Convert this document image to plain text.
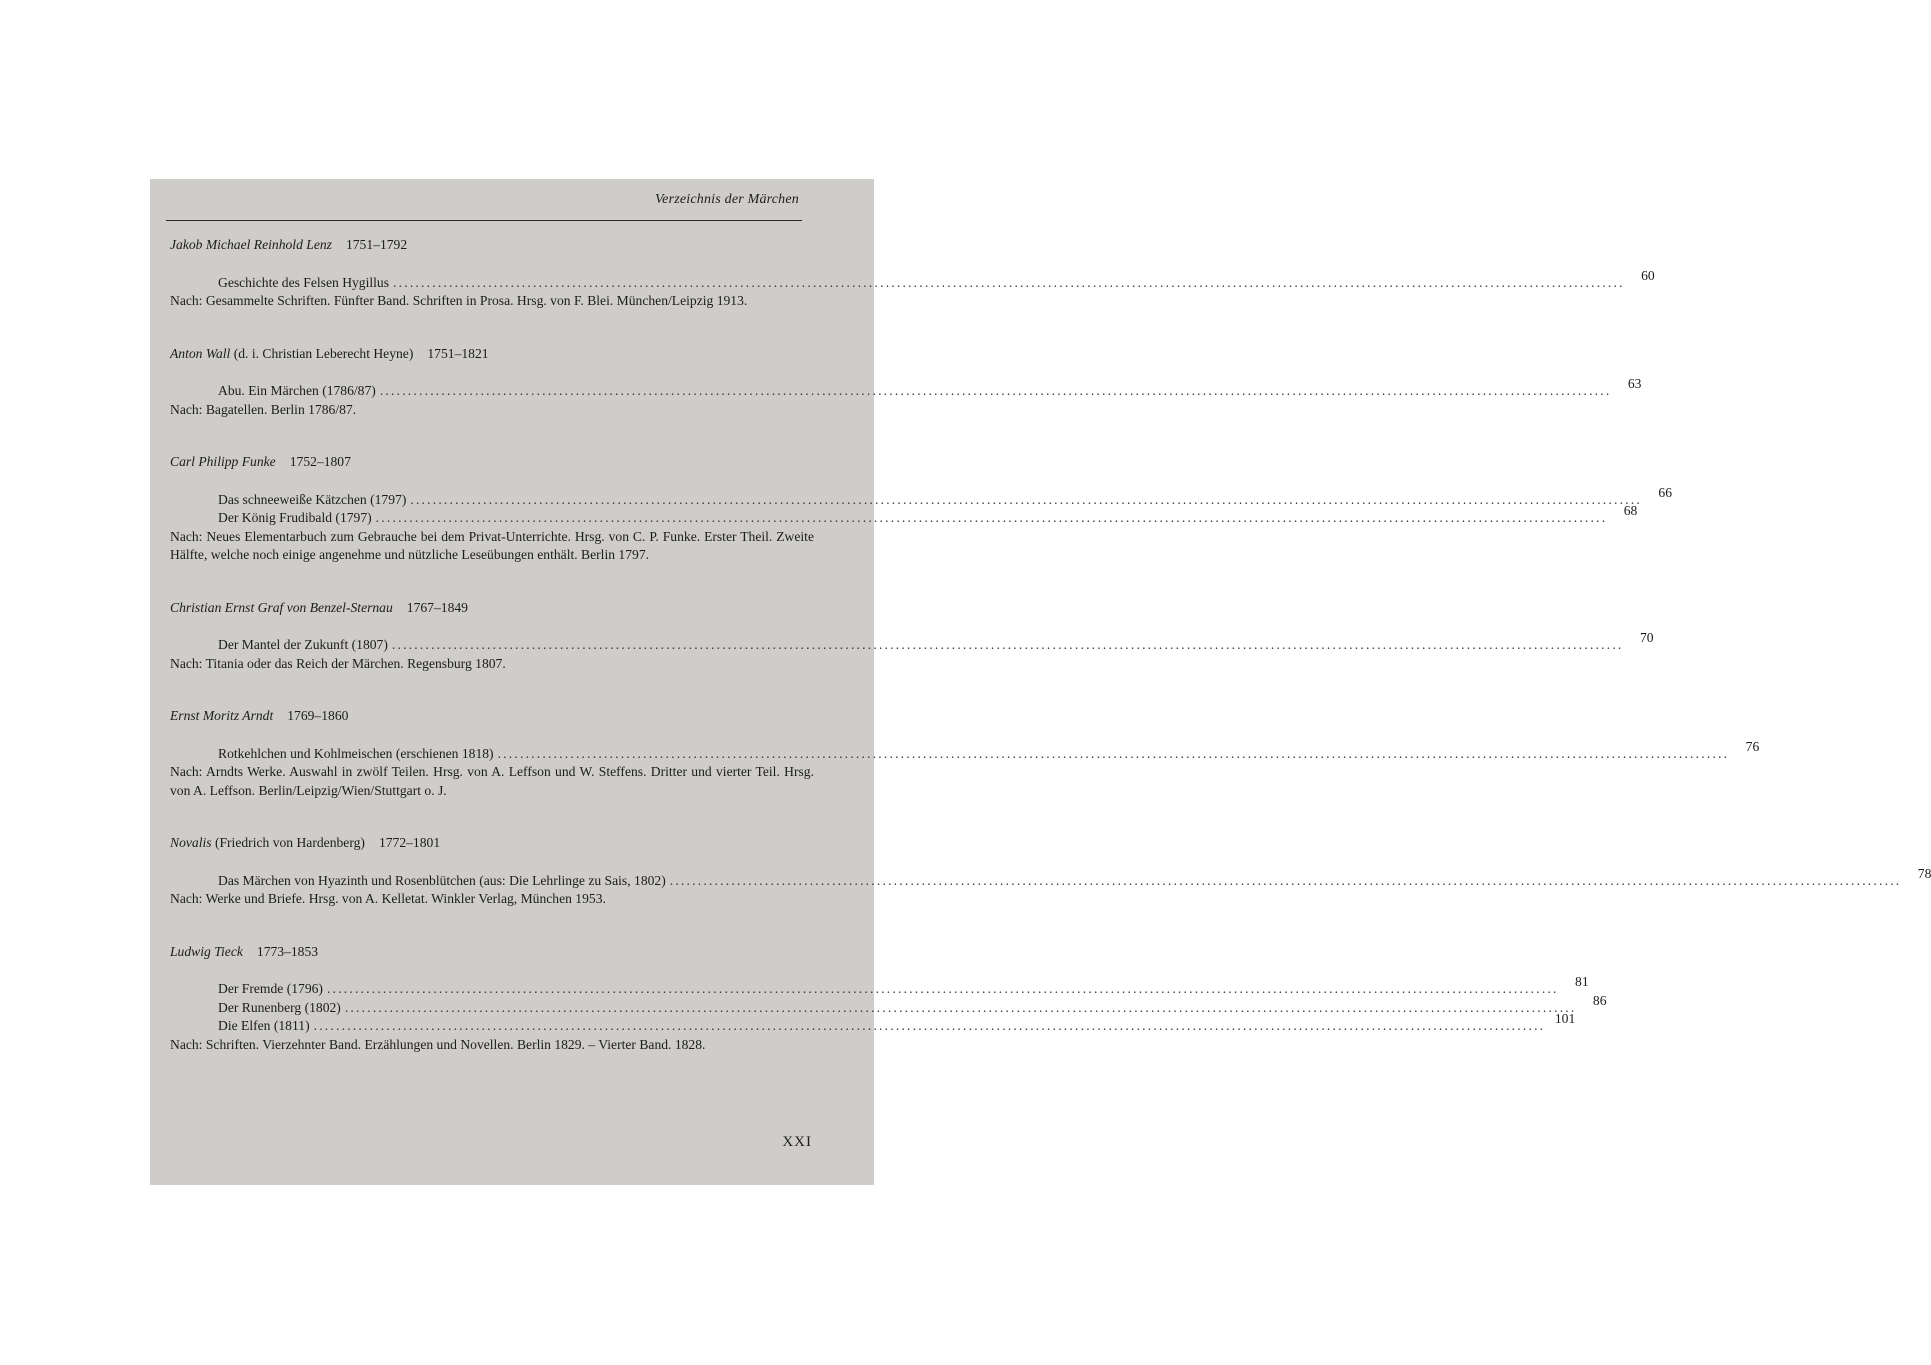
Verzeichnis der Märchen
Jakob Michael Reinhold Lenz 1751–1792
Geschichte des Felsen Hygillus ............................................................................................................................................................................................................................	60
Nach: Gesammelte Schriften. Fünfter Band. Schriften in Prosa. Hrsg. von F. Blei. München/Leipzig 1913.
Anton Wall (d. i. Christian Leberecht Heyne) 1751–1821
Abu. Ein Märchen (1786/87) ............................................................................................................................................................................................................................	63
Nach: Bagatellen. Berlin 1786/87.
Carl Philipp Funke 1752–1807
Das schneeweiße Kätzchen (1797) ............................................................................................................................................................................................................................	66
Der König Frudibald (1797) ............................................................................................................................................................................................................................	68
Nach: Neues Elementarbuch zum Gebrauche bei dem Privat-Unterrichte. Hrsg. von C. P. Funke. Erster Theil. Zweite Hälfte, welche noch einige angenehme und nützliche Leseübungen enthält. Berlin 1797.
Christian Ernst Graf von Benzel-Sternau 1767–1849
Der Mantel der Zukunft (1807) ............................................................................................................................................................................................................................	70
Nach: Titania oder das Reich der Märchen. Regensburg 1807.
Ernst Moritz Arndt 1769–1860
Rotkehlchen und Kohlmeischen (erschienen 1818) ............................................................................................................................................................................................................................	76
Nach: Arndts Werke. Auswahl in zwölf Teilen. Hrsg. von A. Leffson und W. Steffens. Dritter und vierter Teil. Hrsg. von A. Leffson. Berlin/Leipzig/Wien/Stuttgart o. J.
Novalis (Friedrich von Hardenberg) 1772–1801
Das Märchen von Hyazinth und Rosenblütchen (aus: Die Lehrlinge zu Sais, 1802) ............................................................................................................................................................................................................................	78
Nach: Werke und Briefe. Hrsg. von A. Kelletat. Winkler Verlag, München 1953.
Ludwig Tieck 1773–1853
Der Fremde (1796) ............................................................................................................................................................................................................................	81
Der Runenberg (1802) ............................................................................................................................................................................................................................	86
Die Elfen (1811) ............................................................................................................................................................................................................................ 101
Nach: Schriften. Vierzehnter Band. Erzählungen und Novellen. Berlin 1829. – Vierter Band. 1828.
XXI
